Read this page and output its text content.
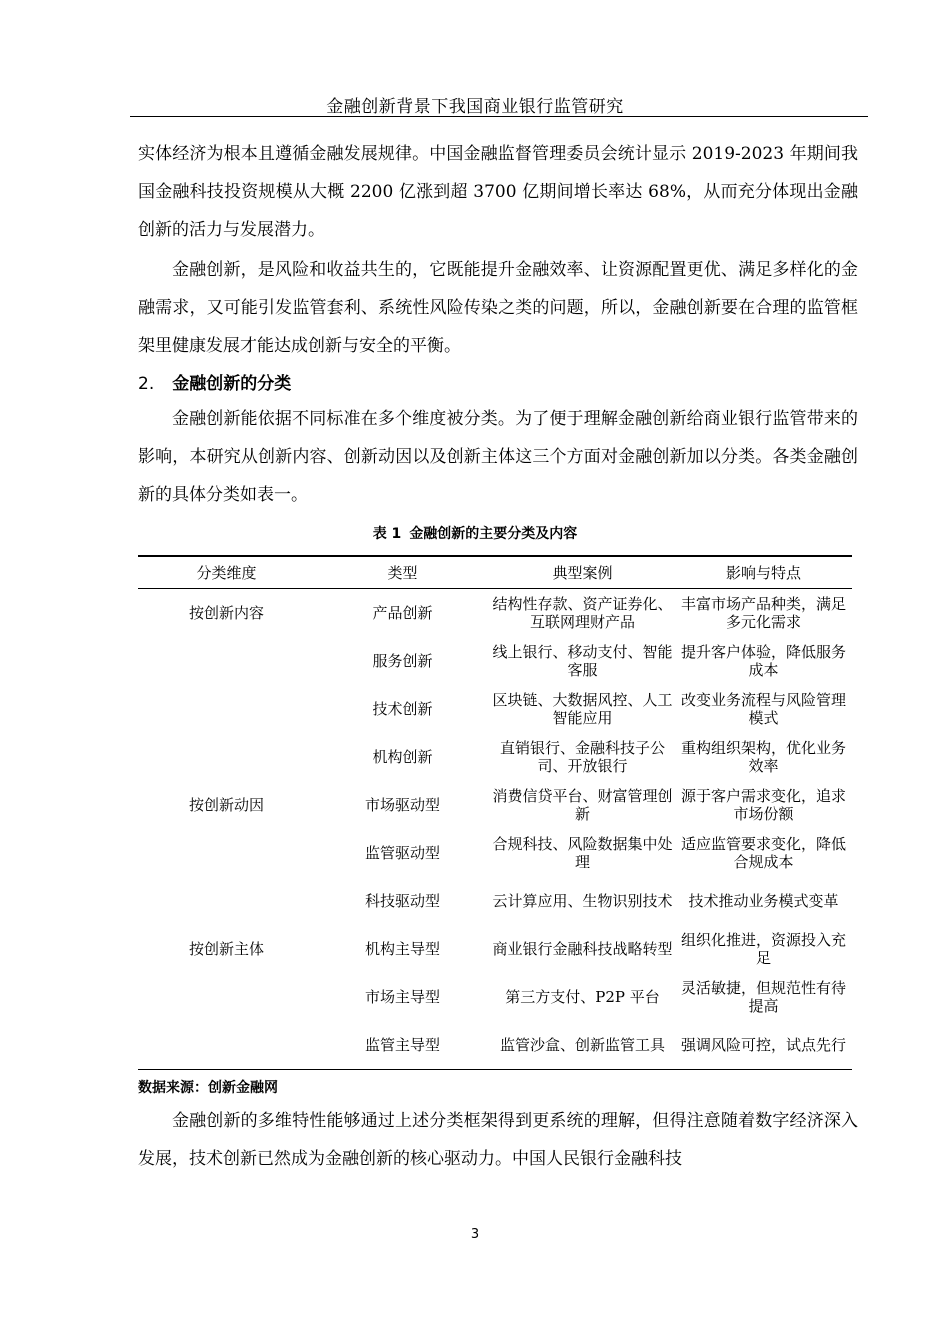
金融创新背景下我国商业银行监管研究

实体经济为根本且遵循金融发展规律。中国金融监督管理委员会统计显示 2019-2023 年期间我国金融科技投资规模从大概 2200 亿涨到超 3700 亿期间增长率达 68%，从而充分体现出金融创新的活力与发展潜力。

金融创新，是风险和收益共生的，它既能提升金融效率、让资源配置更优、满足多样化的金融需求，又可能引发监管套利、系统性风险传染之类的问题，所以，金融创新要在合理的监管框架里健康发展才能达成创新与安全的平衡。

2. 金融创新的分类

金融创新能依据不同标准在多个维度被分类。为了便于理解金融创新给商业银行监管带来的影响，本研究从创新内容、创新动因以及创新主体这三个方面对金融创新加以分类。各类金融创新的具体分类如表一。

表 1 金融创新的主要分类及内容
分类维度	类型	典型案例	影响与特点
按创新内容	产品创新	结构性存款、资产证券化、互联网理财产品	丰富市场产品种类，满足多元化需求
	服务创新	线上银行、移动支付、智能客服	提升客户体验，降低服务成本
	技术创新	区块链、大数据风控、人工智能应用	改变业务流程与风险管理模式
	机构创新	直销银行、金融科技子公司、开放银行	重构组织架构，优化业务效率
按创新动因	市场驱动型	消费信贷平台、财富管理创新	源于客户需求变化，追求市场份额
	监管驱动型	合规科技、风险数据集中处理	适应监管要求变化，降低合规成本
	科技驱动型	云计算应用、生物识别技术	技术推动业务模式变革
按创新主体	机构主导型	商业银行金融科技战略转型	组织化推进，资源投入充足
	市场主导型	第三方支付、P2P 平台	灵活敏捷，但规范性有待提高
	监管主导型	监管沙盒、创新监管工具	强调风险可控，试点先行
数据来源：创新金融网

金融创新的多维特性能够通过上述分类框架得到更系统的理解，但得注意随着数字经济深入发展，技术创新已然成为金融创新的核心驱动力。中国人民银行金融科技

3
